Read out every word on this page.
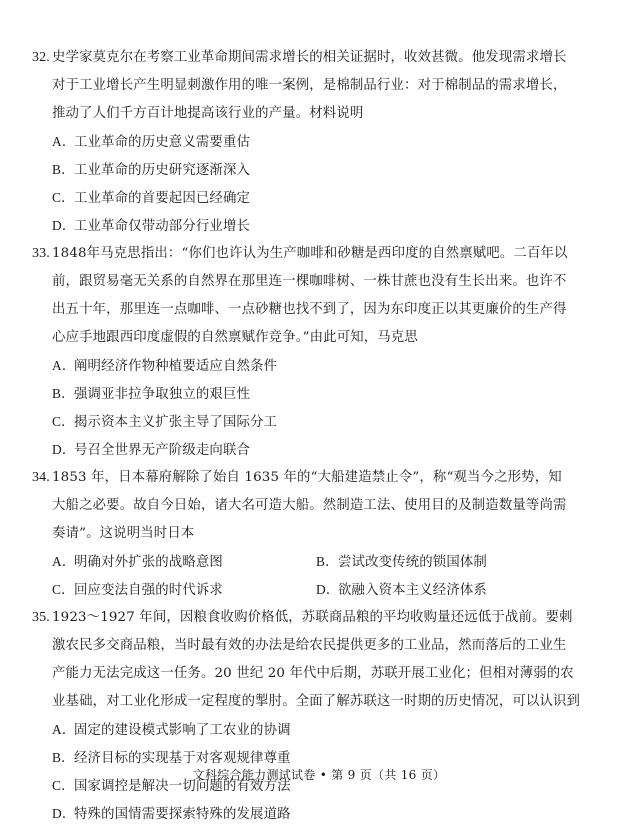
32. 史学家莫克尔在考察工业革命期间需求增长的相关证据时，收效甚微。他发现需求增长
对于工业增长产生明显刺激作用的唯一案例，是棉制品行业：对于棉制品的需求增长，
推动了人们千方百计地提高该行业的产量。材料说明
A．工业革命的历史意义需要重估
B．工业革命的历史研究逐渐深入
C．工业革命的首要起因已经确定
D．工业革命仅带动部分行业增长
33. 1848年马克思指出：“你们也许认为生产咖啡和砂糖是西印度的自然禀赋吧。二百年以
前，跟贸易毫无关系的自然界在那里连一棵咖啡树、一株甘蔗也没有生长出来。也许不
出五十年，那里连一点咖啡、一点砂糖也找不到了，因为东印度正以其更廉价的生产得
心应手地跟西印度虚假的自然禀赋作竞争。”由此可知，马克思
A．阐明经济作物种植要适应自然条件
B．强调亚非拉争取独立的艰巨性
C．揭示资本主义扩张主导了国际分工
D．号召全世界无产阶级走向联合
34. 1853 年，日本幕府解除了始自 1635 年的“大船建造禁止令”，称“观当今之形势，知
大船之必要。故自今日始，诸大名可造大船。然制造工法、使用目的及制造数量等尚需
奏请”。这说明当时日本
A．明确对外扩张的战略意图	B．尝试改变传统的锁国体制
C．回应变法自强的时代诉求	D．欲融入资本主义经济体系
35. 1923～1927 年间，因粮食收购价格低，苏联商品粮的平均收购量还远低于战前。要刺
激农民多交商品粮，当时最有效的办法是给农民提供更多的工业品，然而落后的工业生
产能力无法完成这一任务。20 世纪 20 年代中后期，苏联开展工业化；但相对薄弱的农
业基础，对工业化形成一定程度的掣肘。全面了解苏联这一时期的历史情况，可以认识到
A．固定的建设模式影响了工农业的协调
B．经济目标的实现基于对客观规律尊重
C．国家调控是解决一切问题的有效方法
D．特殊的国情需要探索特殊的发展道路
文科综合能力测试试卷 • 第 9 页（共 16 页）
